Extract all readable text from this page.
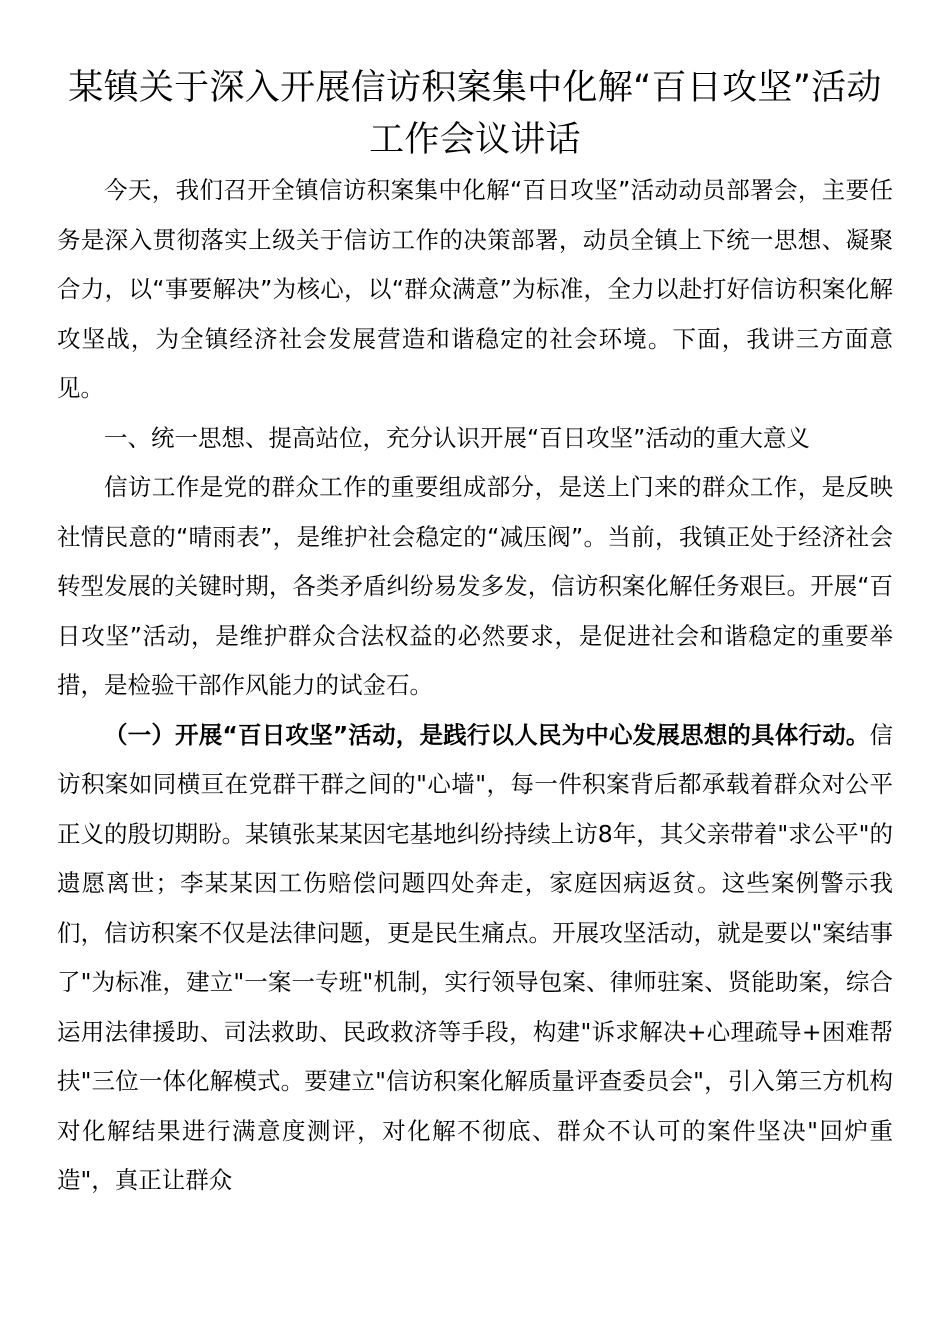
某镇关于深入开展信访积案集中化解“百日攻坚”活动工作会议讲话

今天，我们召开全镇信访积案集中化解“百日攻坚”活动动员部署会，主要任务是深入贯彻落实上级关于信访工作的决策部署，动员全镇上下统一思想、凝聚合力，以“事要解决”为核心，以“群众满意”为标准，全力以赴打好信访积案化解攻坚战，为全镇经济社会发展营造和谐稳定的社会环境。下面，我讲三方面意见。

一、统一思想、提高站位，充分认识开展“百日攻坚”活动的重大意义

信访工作是党的群众工作的重要组成部分，是送上门来的群众工作，是反映社情民意的“晴雨表”，是维护社会稳定的“减压阀”。当前，我镇正处于经济社会转型发展的关键时期，各类矛盾纠纷易发多发，信访积案化解任务艰巨。开展“百日攻坚”活动，是维护群众合法权益的必然要求，是促进社会和谐稳定的重要举措，是检验干部作风能力的试金石。

（一）开展“百日攻坚”活动，是践行以人民为中心发展思想的具体行动。信访积案如同横亘在党群干群之间的"心墙"，每一件积案背后都承载着群众对公平正义的殷切期盼。某镇张某某因宅基地纠纷持续上访8年，其父亲带着"求公平"的遗愿离世；李某某因工伤赔偿问题四处奔走，家庭因病返贫。这些案例警示我们，信访积案不仅是法律问题，更是民生痛点。开展攻坚活动，就是要以"案结事了"为标准，建立"一案一专班"机制，实行领导包案、律师驻案、贤能助案，综合运用法律援助、司法救助、民政救济等手段，构建"诉求解决+心理疏导+困难帮扶"三位一体化解模式。要建立"信访积案化解质量评查委员会"，引入第三方机构对化解结果进行满意度测评，对化解不彻底、群众不认可的案件坚决"回炉重造"，真正让群众
